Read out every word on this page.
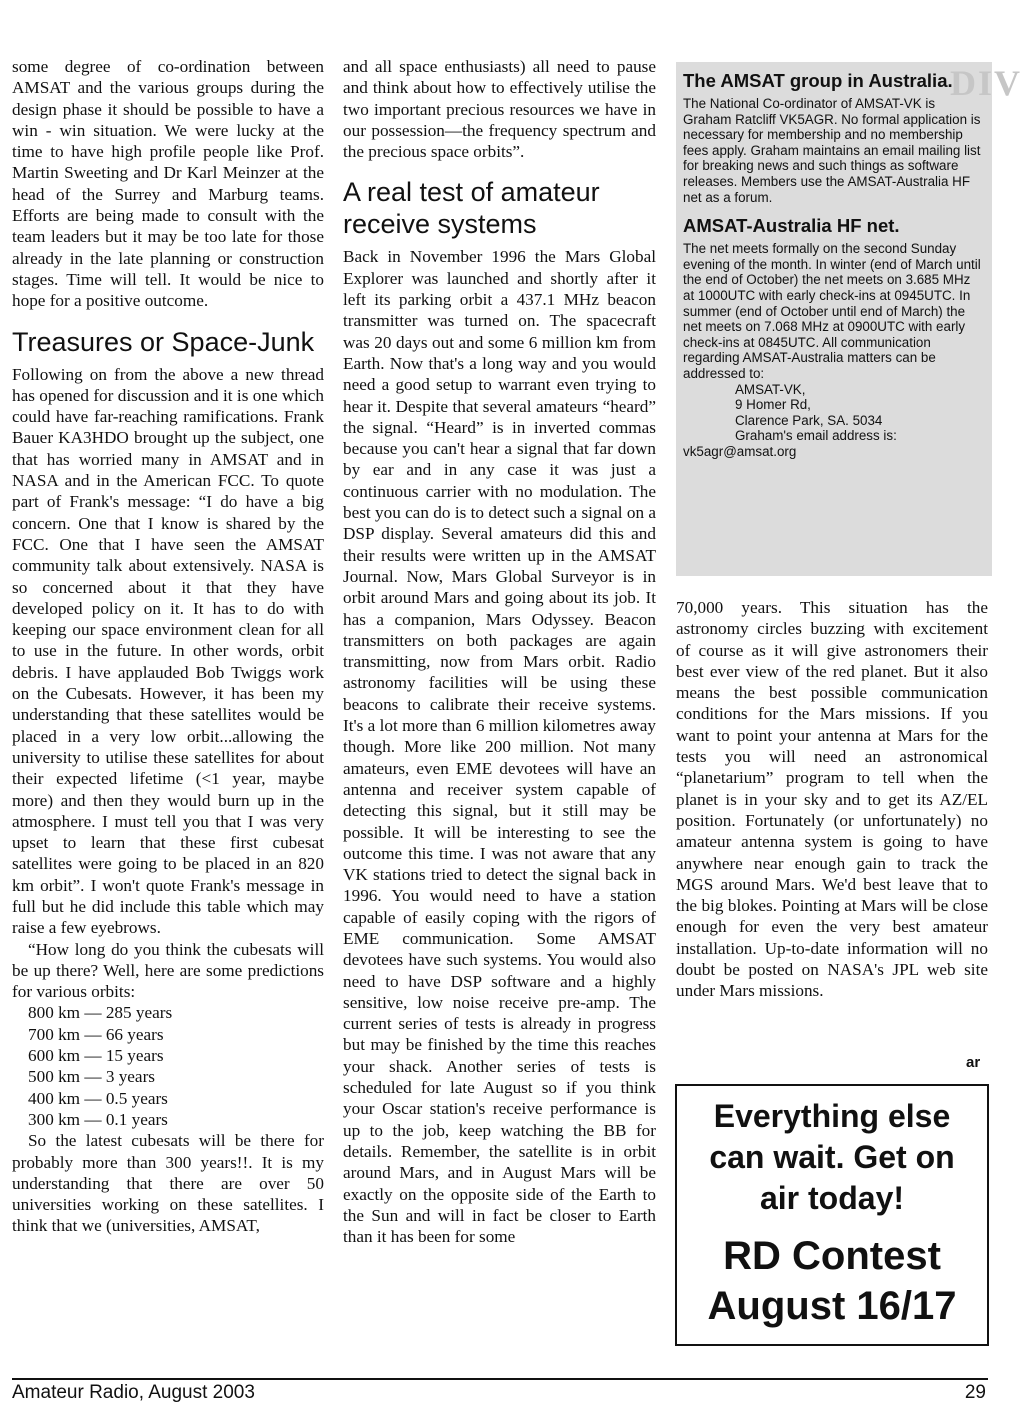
some degree of co-ordination between AMSAT and the various groups during the design phase it should be possible to have a win - win situation. We were lucky at the time to have high profile people like Prof. Martin Sweeting and Dr Karl Meinzer at the head of the Surrey and Marburg teams. Efforts are being made to consult with the team leaders but it may be too late for those already in the late planning or construction stages. Time will tell. It would be nice to hope for a positive outcome.

Treasures or Space-Junk

Following on from the above a new thread has opened for discussion and it is one which could have far-reaching ramifications. Frank Bauer KA3HDO brought up the subject, one that has worried many in AMSAT and in NASA and in the American FCC. To quote part of Frank's message: “I do have a big concern. One that I know is shared by the FCC. One that I have seen the AMSAT community talk about extensively. NASA is so concerned about it that they have developed policy on it. It has to do with keeping our space environment clean for all to use in the future. In other words, orbit debris. I have applauded Bob Twiggs work on the Cubesats. However, it has been my understanding that these satellites would be placed in a very low orbit...allowing the university to utilise these satellites for about their expected lifetime (<1 year, maybe more) and then they would burn up in the atmosphere. I must tell you that I was very upset to learn that these first cubesat satellites were going to be placed in an 820 km orbit”. I won't quote Frank's message in full but he did include this table which may raise a few eyebrows.

“How long do you think the cubesats will be up there? Well, here are some predictions for various orbits:

800 km — 285 years
700 km — 66 years
600 km — 15 years
500 km — 3 years
400 km — 0.5 years
300 km — 0.1 years

So the latest cubesats will be there for probably more than 300 years!!. It is my understanding that there are over 50 universities working on these satellites. I think that we (universities, AMSAT,

and all space enthusiasts) all need to pause and think about how to effectively utilise the two important precious resources we have in our possession—the frequency spectrum and the precious space orbits”.

A real test of amateur receive systems

Back in November 1996 the Mars Global Explorer was launched and shortly after it left its parking orbit a 437.1 MHz beacon transmitter was turned on. The spacecraft was 20 days out and some 6 million km from Earth. Now that's a long way and you would need a good setup to warrant even trying to hear it. Despite that several amateurs “heard” the signal. “Heard” is in inverted commas because you can't hear a signal that far down by ear and in any case it was just a continuous carrier with no modulation. The best you can do is to detect such a signal on a DSP display. Several amateurs did this and their results were written up in the AMSAT Journal. Now, Mars Global Surveyor is in orbit around Mars and going about its job. It has a companion, Mars Odyssey. Beacon transmitters on both packages are again transmitting, now from Mars orbit. Radio astronomy facilities will be using these beacons to calibrate their receive systems. It's a lot more than 6 million kilometres away though. More like 200 million. Not many amateurs, even EME devotees will have an antenna and receiver system capable of detecting this signal, but it still may be possible. It will be interesting to see the outcome this time. I was not aware that any VK stations tried to detect the signal back in 1996. You would need to have a station capable of easily coping with the rigors of EME communication. Some AMSAT devotees have such systems. You would also need to have DSP software and a highly sensitive, low noise receive pre-amp. The current series of tests is already in progress but may be finished by the time this reaches your shack. Another series of tests is scheduled for late August so if you think your Oscar station's receive performance is up to the job, keep watching the BB for details. Remember, the satellite is in orbit around Mars, and in August Mars will be exactly on the opposite side of the Earth to the Sun and will in fact be closer to Earth than it has been for some

DIV
The AMSAT group in Australia.

The National Co-ordinator of AMSAT-VK is Graham Ratcliff VK5AGR. No formal application is necessary for membership and no membership fees apply. Graham maintains an email mailing list for breaking news and such things as software releases. Members use the AMSAT-Australia HF net as a forum.

AMSAT-Australia HF net.

The net meets formally on the second Sunday evening of the month. In winter (end of March until the end of October) the net meets on 3.685 MHz at 1000UTC with early check-ins at 0945UTC. In summer (end of October until end of March) the net meets on 7.068 MHz at 0900UTC with early check-ins at 0845UTC. All communication regarding AMSAT-Australia matters can be addressed to:

AMSAT-VK,

9 Homer Rd,

Clarence Park, SA. 5034

Graham's email address is:

vk5agr@amsat.org

70,000 years. This situation has the astronomy circles buzzing with excitement of course as it will give astronomers their best ever view of the red planet. But it also means the best possible communication conditions for the Mars missions. If you want to point your antenna at Mars for the tests you will need an astronomical “planetarium” program to tell when the planet is in your sky and to get its AZ/EL position. Fortunately (or unfortunately) no amateur antenna system is going to have anywhere near enough gain to track the MGS around Mars. We'd best leave that to the big blokes. Pointing at Mars will be close enough for even the very best amateur installation. Up-to-date information will no doubt be posted on NASA's JPL web site under Mars missions.

ar
Everything else
can wait. Get on
air today!
RD Contest
August 16/17
Amateur Radio, August 2003	29
